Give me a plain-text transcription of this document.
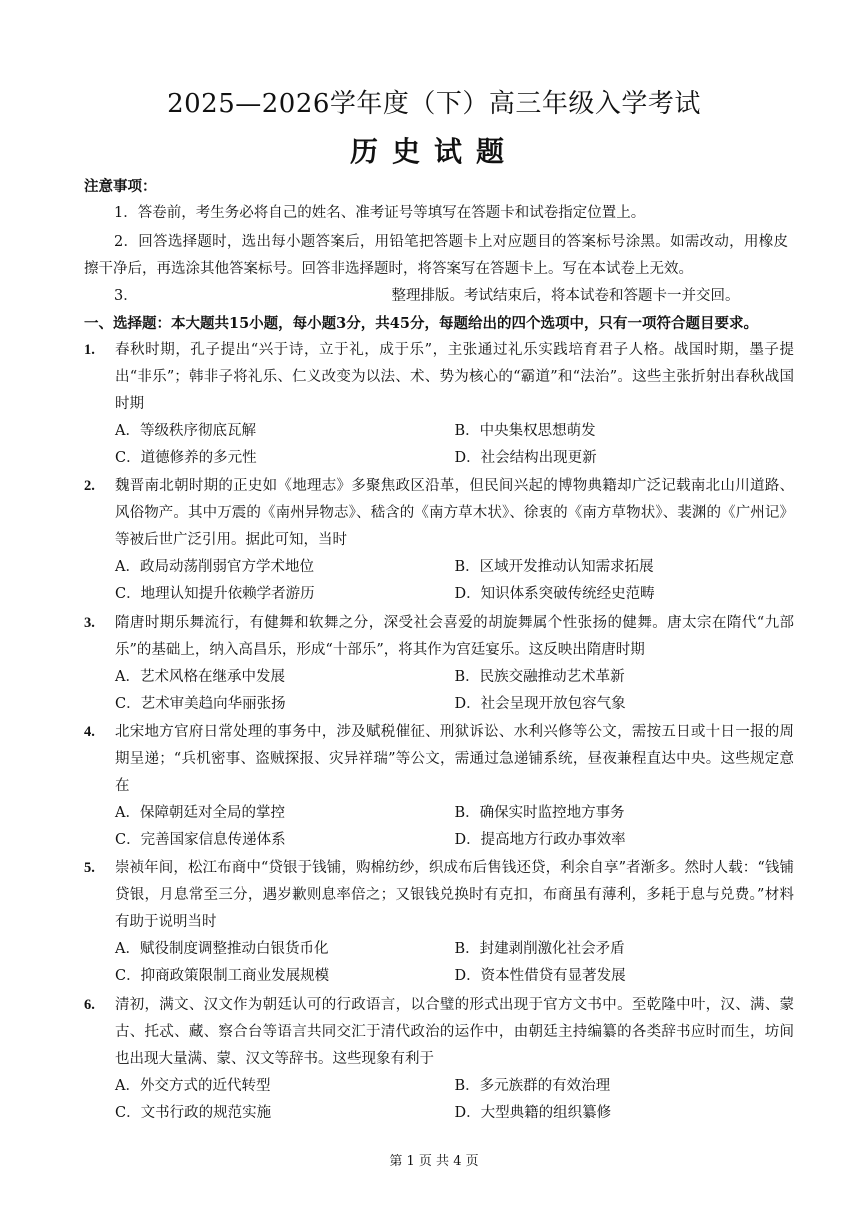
2025—2026学年度（下）高三年级入学考试
历史试题
注意事项：
1．答卷前，考生务必将自己的姓名、准考证号等填写在答题卡和试卷指定位置上。
2．回答选择题时，选出每小题答案后，用铅笔把答题卡上对应题目的答案标号涂黑。如需改动，用橡皮擦干净后，再选涂其他答案标号。回答非选择题时，将答案写在答题卡上。写在本试卷上无效。
3．　　　　　　　　　　　　　　　　　　整理排版。考试结束后，将本试卷和答题卡一并交回。
一、选择题：本大题共15小题，每小题3分，共45分，每题给出的四个选项中，只有一项符合题目要求。
1. 春秋时期，孔子提出“兴于诗，立于礼，成于乐”，主张通过礼乐实践培育君子人格。战国时期，墨子提出“非乐”；韩非子将礼乐、仁义改变为以法、术、势为核心的“霸道”和“法治”。这些主张折射出春秋战国时期
A．等级秩序彻底瓦解	B．中央集权思想萌发
C．道德修养的多元性	D．社会结构出现更新
2. 魏晋南北朝时期的正史如《地理志》多聚焦政区沿革，但民间兴起的博物典籍却广泛记载南北山川道路、风俗物产。其中万震的《南州异物志》、嵇含的《南方草木状》、徐衷的《南方草物状》、裴渊的《广州记》等被后世广泛引用。据此可知，当时
A．政局动荡削弱官方学术地位	B．区域开发推动认知需求拓展
C．地理认知提升依赖学者游历	D．知识体系突破传统经史范畴
3. 隋唐时期乐舞流行，有健舞和软舞之分，深受社会喜爱的胡旋舞属个性张扬的健舞。唐太宗在隋代“九部乐”的基础上，纳入高昌乐，形成“十部乐”，将其作为宫廷宴乐。这反映出隋唐时期
A．艺术风格在继承中发展	B．民族交融推动艺术革新
C．艺术审美趋向华丽张扬	D．社会呈现开放包容气象
4. 北宋地方官府日常处理的事务中，涉及赋税催征、刑狱诉讼、水利兴修等公文，需按五日或十日一报的周期呈递；“兵机密事、盗贼探报、灾异祥瑞”等公文，需通过急递铺系统，昼夜兼程直达中央。这些规定意在
A．保障朝廷对全局的掌控	B．确保实时监控地方事务
C．完善国家信息传递体系	D．提高地方行政办事效率
5. 崇祯年间，松江布商中“贷银于钱铺，购棉纺纱，织成布后售钱还贷，利余自享”者渐多。然时人载：“钱铺贷银，月息常至三分，遇岁歉则息率倍之；又银钱兑换时有克扣，布商虽有薄利，多耗于息与兑费。”材料有助于说明当时
A．赋役制度调整推动白银货币化	B．封建剥削激化社会矛盾
C．抑商政策限制工商业发展规模	D．资本性借贷有显著发展
6. 清初，满文、汉文作为朝廷认可的行政语言，以合璧的形式出现于官方文书中。至乾隆中叶，汉、满、蒙古、托忒、藏、察合台等语言共同交汇于清代政治的运作中，由朝廷主持编纂的各类辞书应时而生，坊间也出现大量满、蒙、汉文等辞书。这些现象有利于
A．外交方式的近代转型	B．多元族群的有效治理
C．文书行政的规范实施	D．大型典籍的组织纂修
第 1 页 共 4 页
